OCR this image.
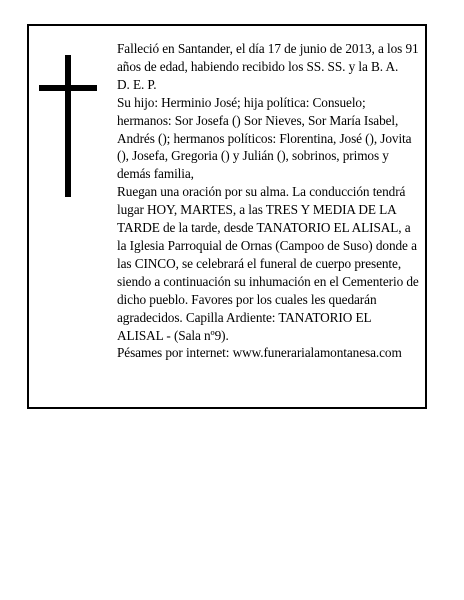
Falleció en Santander, el día 17 de junio de 2013, a los 91 años de edad, habiendo recibido los SS. SS. y la B. A.

D. E. P.

Su hijo: Herminio José; hija política: Consuelo; hermanos: Sor Josefa () Sor Nieves, Sor María Isabel, Andrés (); hermanos políticos: Florentina, José (), Jovita (), Josefa, Gregoria () y Julián (), sobrinos, primos y demás familia,

Ruegan una oración por su alma. La conducción tendrá lugar HOY, MARTES, a las TRES Y MEDIA DE LA TARDE de la tarde, desde TANATORIO EL ALISAL, a la Iglesia Parroquial de Ornas (Campoo de Suso) donde a las CINCO, se celebrará el funeral de cuerpo presente, siendo a continuación su inhumación en el Cementerio de dicho pueblo. Favores por los cuales les quedarán agradecidos. Capilla Ardiente: TANATORIO EL ALISAL - (Sala nº9).

Pésames por internet: www.funerarialamontanesa.com
